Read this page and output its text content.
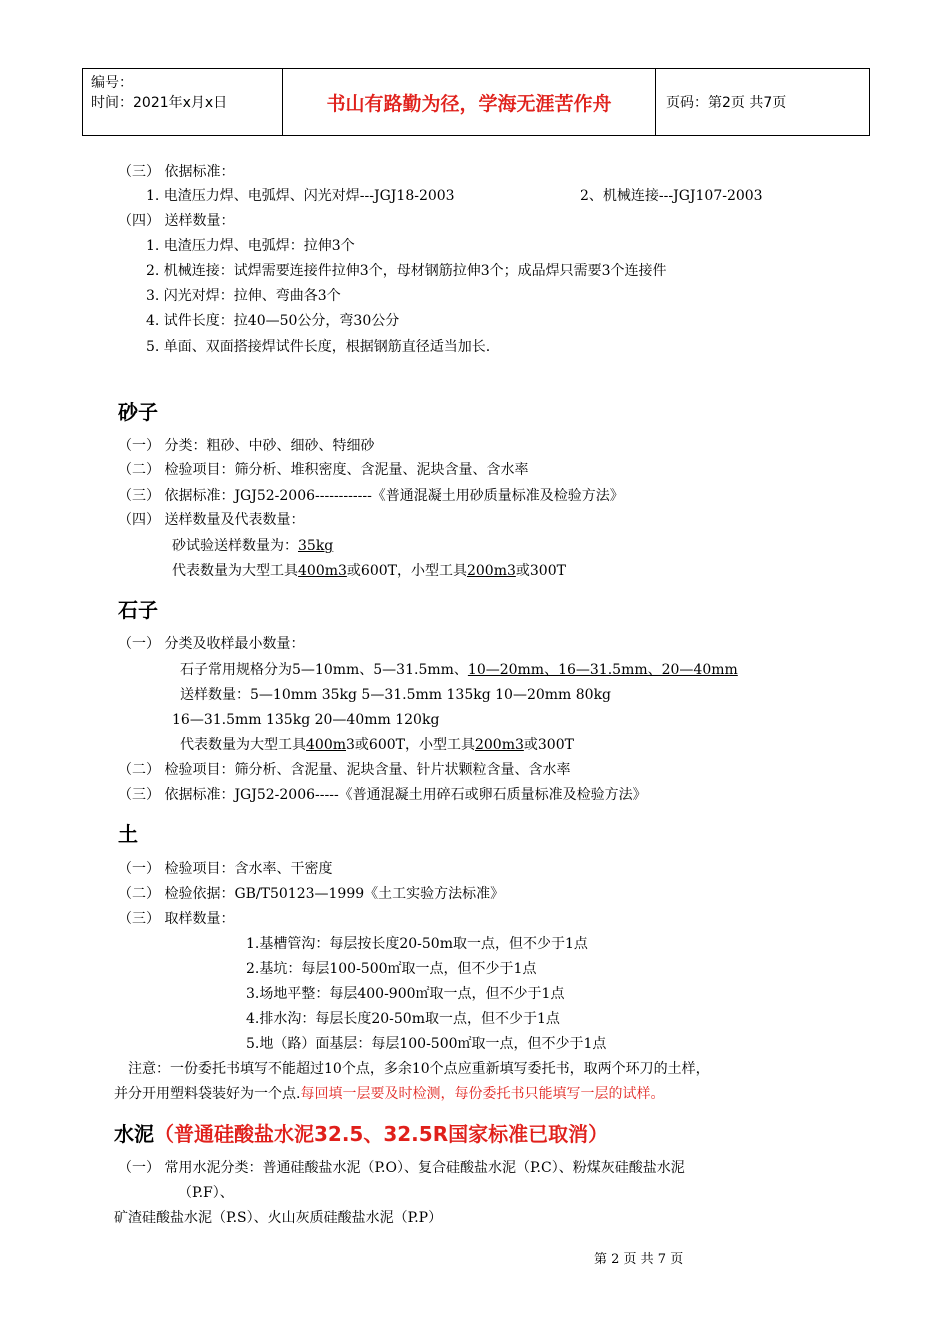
编号：
时间：2021年x月x日	书山有路勤为径，学海无涯苦作舟	页码：第2页 共7页
（三） 依据标准：
1. 电渣压力焊、电弧焊、闪光对焊---JGJ18-2003	2、机械连接---JGJ107-2003
（四） 送样数量：
1. 电渣压力焊、电弧焊：拉伸3个
2. 机械连接：试焊需要连接件拉伸3个，母材钢筋拉伸3个；成品焊只需要3个连接件
3. 闪光对焊：拉伸、弯曲各3个
4. 试件长度：拉40—50公分，弯30公分
5. 单面、双面搭接焊试件长度，根据钢筋直径适当加长.
砂子
（一） 分类：粗砂、中砂、细砂、特细砂
（二） 检验项目：筛分析、堆积密度、含泥量、泥块含量、含水率
（三） 依据标准：JGJ52-2006------------《普通混凝土用砂质量标准及检验方法》
（四） 送样数量及代表数量：
砂试验送样数量为：35kg
代表数量为大型工具400m3或600T，小型工具200m3或300T
石子
（一） 分类及收样最小数量：
石子常用规格分为5—10mm、5—31.5mm、10—20mm、16—31.5mm、20—40mm
送样数量：5—10mm 35kg 5—31.5mm 135kg 10—20mm 80kg
16—31.5mm 135kg 20—40mm 120kg
代表数量为大型工具400m3或600T，小型工具200m3或300T
（二） 检验项目：筛分析、含泥量、泥块含量、针片状颗粒含量、含水率
（三） 依据标准：JGJ52-2006-----《普通混凝土用碎石或卵石质量标准及检验方法》
土
（一） 检验项目：含水率、干密度
（二） 检验依据：GB/T50123—1999《土工实验方法标准》
（三） 取样数量：
1.基槽管沟：每层按长度20-50m取一点，但不少于1点
2.基坑：每层100-500㎡取一点，但不少于1点
3.场地平整：每层400-900㎡取一点，但不少于1点
4.排水沟：每层长度20-50m取一点，但不少于1点
5.地（路）面基层：每层100-500㎡取一点，但不少于1点
注意：一份委托书填写不能超过10个点，多余10个点应重新填写委托书，取两个环刀的土样，
并分开用塑料袋装好为一个点.每回填一层要及时检测，每份委托书只能填写一层的试样。
水泥（普通硅酸盐水泥32.5、32.5R国家标准已取消）
（一） 常用水泥分类：普通硅酸盐水泥（P.O）、复合硅酸盐水泥（P.C）、粉煤灰硅酸盐水泥
（P.F）、
矿渣硅酸盐水泥（P.S）、火山灰质硅酸盐水泥（P.P）
第 2 页 共 7 页
